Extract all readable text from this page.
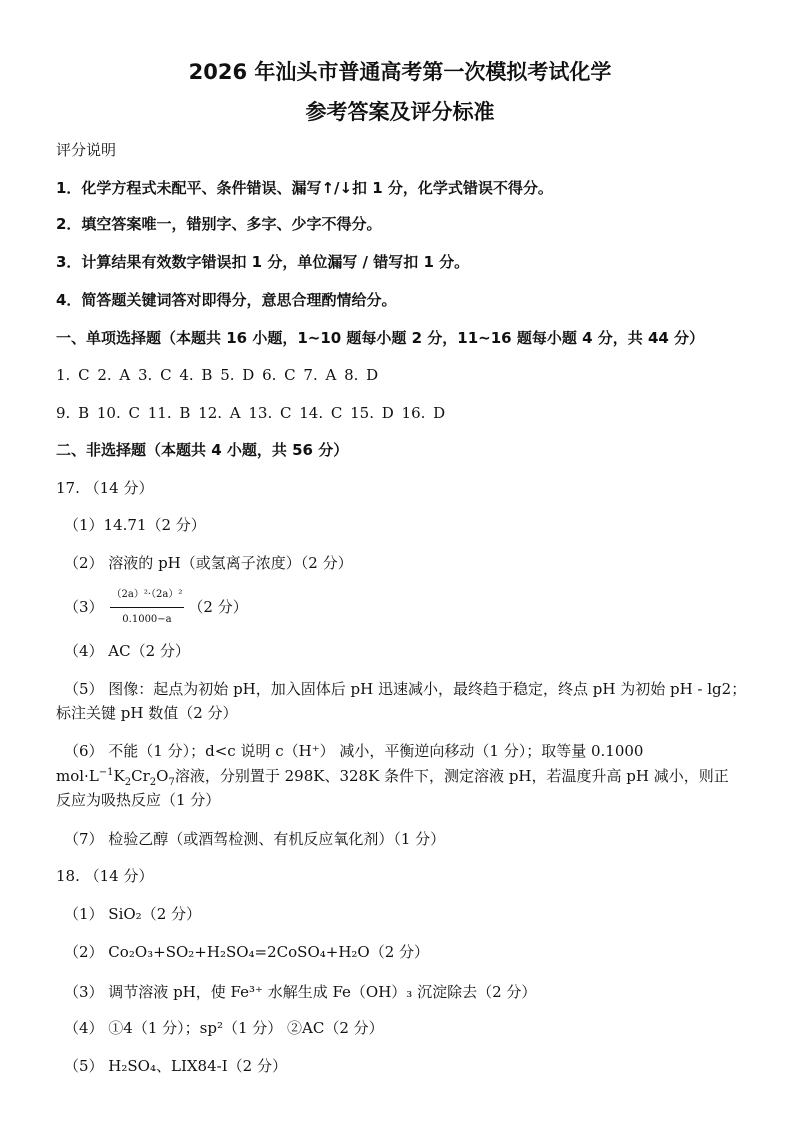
2026 年汕头市普通高考第一次模拟考试化学
参考答案及评分标准
评分说明
1．化学方程式未配平、条件错误、漏写↑/↓扣 1 分，化学式错误不得分。
2．填空答案唯一，错别字、多字、少字不得分。
3．计算结果有效数字错误扣 1 分，单位漏写 / 错写扣 1 分。
4．简答题关键词答对即得分，意思合理酌情给分。
一、单项选择题（本题共 16 小题，1~10 题每小题 2 分，11~16 题每小题 4 分，共 44 分）
1. C 2. A 3. C 4. B 5. D 6. C 7. A 8. D
9. B 10. C 11. B 12. A 13. C 14. C 15. D 16. D
二、非选择题（本题共 4 小题，共 56 分）
17. （14 分）
（1）14.71（2 分）
（2） 溶液的 pH（或氢离子浓度）（2 分）
$(3) \frac{\text{（2a）²·（2a）²}}{0.1000-a} (2$ 分）
（4） AC（2 分）
（5） 图像：起点为初始 pH，加入固体后 pH 迅速减小，最终趋于稳定，终点 pH 为初始 pH - lg2；
标注关键 pH 数值（2 分）
（6） 不能（1 分）；d<c 说明 c（H⁺） 减小，平衡逆向移动（1 分）；取等量 0.1000
$mol\cdot L^{-1}K_2Cr_2O_7$溶液，分别置于 298K、328K 条件下，测定溶液 pH，若温度升高 pH 减小，则正
反应为吸热反应（1 分）
（7） 检验乙醇（或酒驾检测、有机反应氧化剂）（1 分）
18. （14 分）
（1） SiO₂（2 分）
（2） Co₂O₃+SO₂+H₂SO₄=2CoSO₄+H₂O（2 分）
（3） 调节溶液 pH，使 Fe³⁺ 水解生成 Fe（OH）₃ 沉淀除去（2 分）
（4） ①4（1 分）；sp²（1 分） ②AC（2 分）
（5） H₂SO₄、LIX84-I（2 分）
